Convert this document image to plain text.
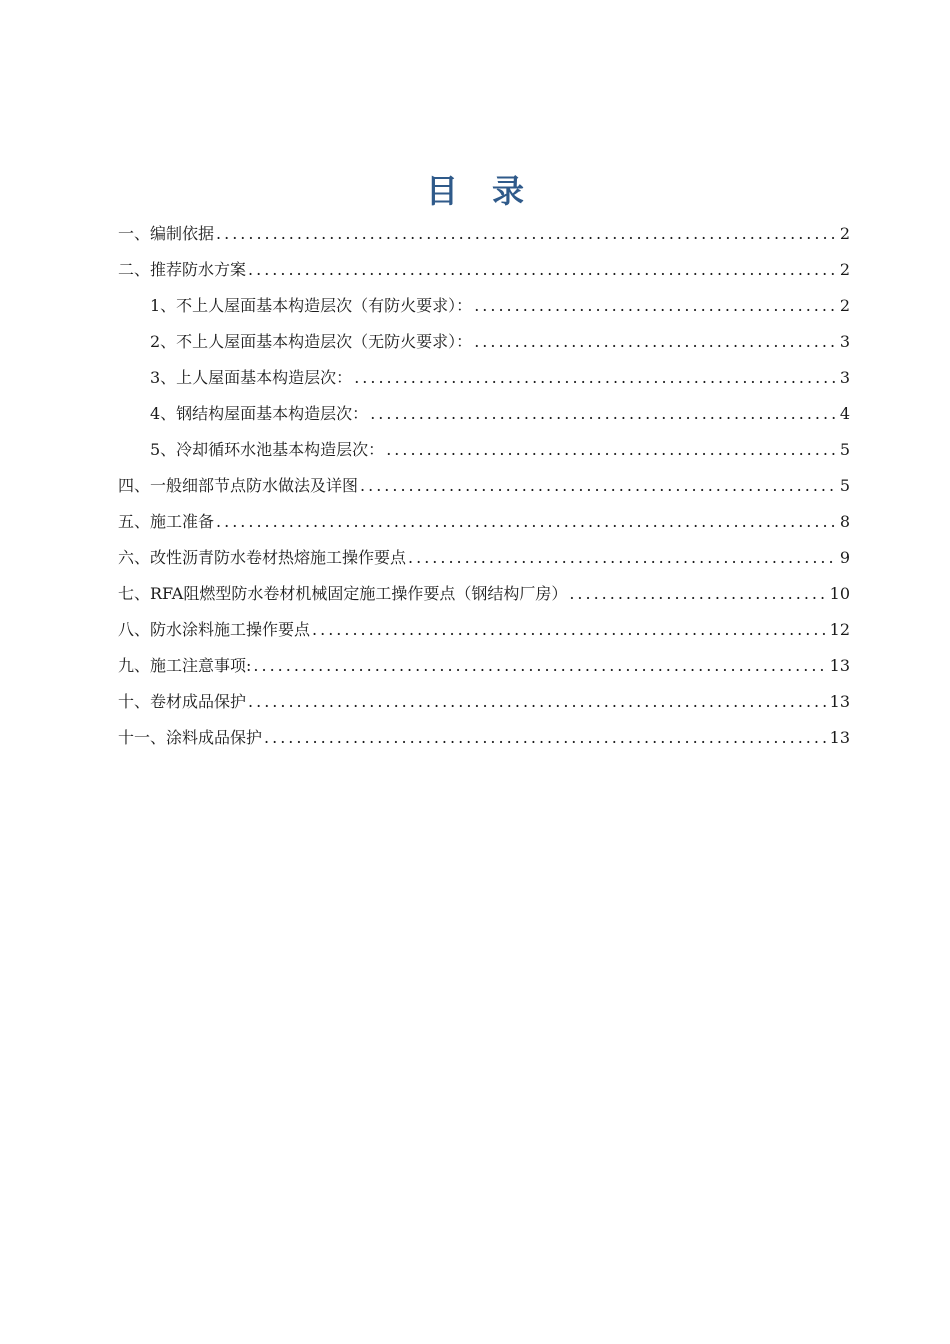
目 录
一、编制依据 .....	2
二、推荐防水方案 .....	2
1、不上人屋面基本构造层次（有防火要求）： .....	2
2、不上人屋面基本构造层次（无防火要求）： .....	3
3、上人屋面基本构造层次： .....	3
4、钢结构屋面基本构造层次： .....	4
5、冷却循环水池基本构造层次： .....	5
四、一般细部节点防水做法及详图 .....	5
五、施工准备 .....	8
六、改性沥青防水卷材热熔施工操作要点 .....	9
七、RFA阻燃型防水卷材机械固定施工操作要点（钢结构厂房） .....	10
八、防水涂料施工操作要点 .....	12
九、施工注意事项: .....	13
十、卷材成品保护 .....	13
十一、涂料成品保护 .....	13
